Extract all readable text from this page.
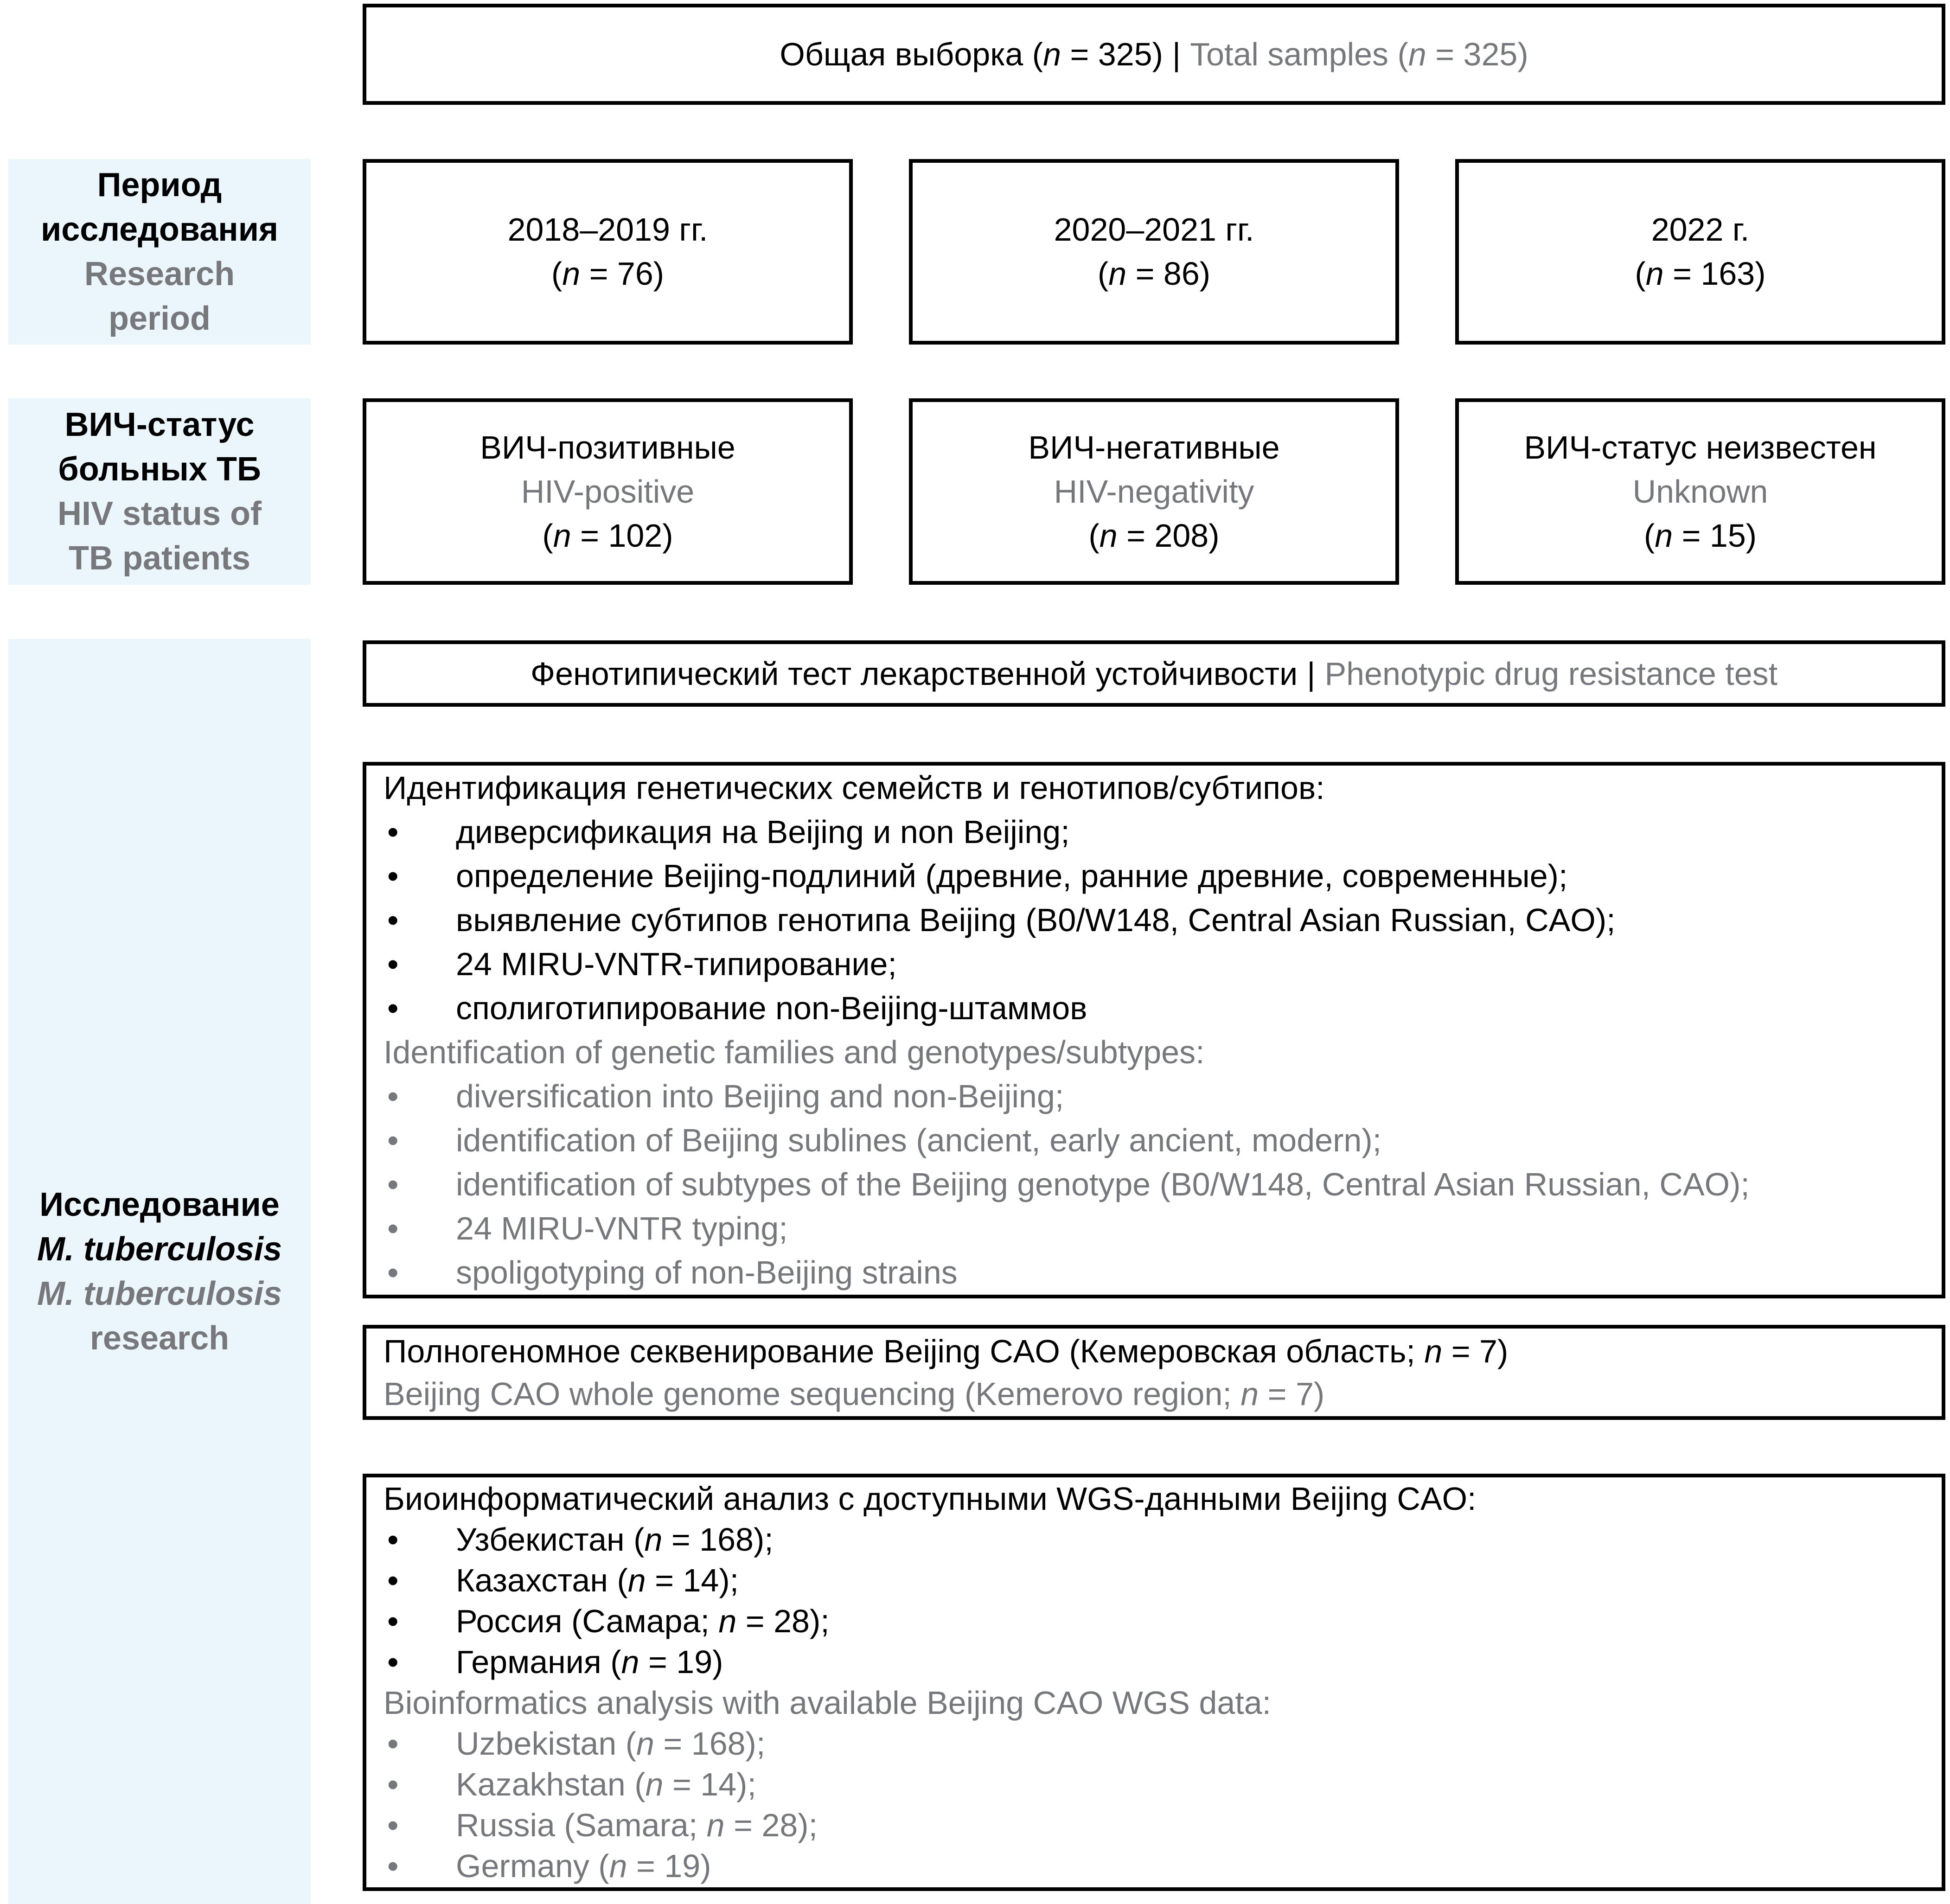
Период
исследования
Research
period
ВИЧ-статус
больных ТБ
HIV status of
TB patients
Исследование
M. tuberculosis
M. tuberculosis
research
Общая выборка (n = 325) | Total samples (n = 325)
2018–2019 гг.
(n = 76)
2020–2021 гг.
(n = 86)
2022 г.
(n = 163)
ВИЧ-позитивные
HIV-positive
(n = 102)
ВИЧ-негативные
HIV-negativity
(n = 208)
ВИЧ-статус неизвестен
Unknown
(n = 15)
Фенотипический тест лекарственной устойчивости | Phenotypic drug resistance test
Идентификация генетических семейств и генотипов/субтипов:
• диверсификация на Beijing и non Beijing;
• определение Beijing-подлиний (древние, ранние древние, современные);
• выявление субтипов генотипа Beijing (B0/W148, Central Asian Russian, CAO);
• 24 MIRU-VNTR-типирование;
• сполиготипирование non-Beijing-штаммов
Identification of genetic families and genotypes/subtypes:
• diversification into Beijing and non-Beijing;
• identification of Beijing sublines (ancient, early ancient, modern);
• identification of subtypes of the Beijing genotype (B0/W148, Central Asian Russian, CAO);
• 24 MIRU-VNTR typing;
• spoligotyping of non-Beijing strains
Полногеномное секвенирование Beijing CAO (Кемеровская область; n = 7)
Beijing CAO whole genome sequencing (Kemerovo region; n = 7)
Биоинформатический анализ с доступными WGS-данными Beijing CAO:
• Узбекистан (n = 168);
• Казахстан (n = 14);
• Россия (Самара; n = 28);
• Германия (n = 19)
Bioinformatics analysis with available Beijing CAO WGS data:
• Uzbekistan (n = 168);
• Kazakhstan (n = 14);
• Russia (Samara; n = 28);
• Germany (n = 19)
